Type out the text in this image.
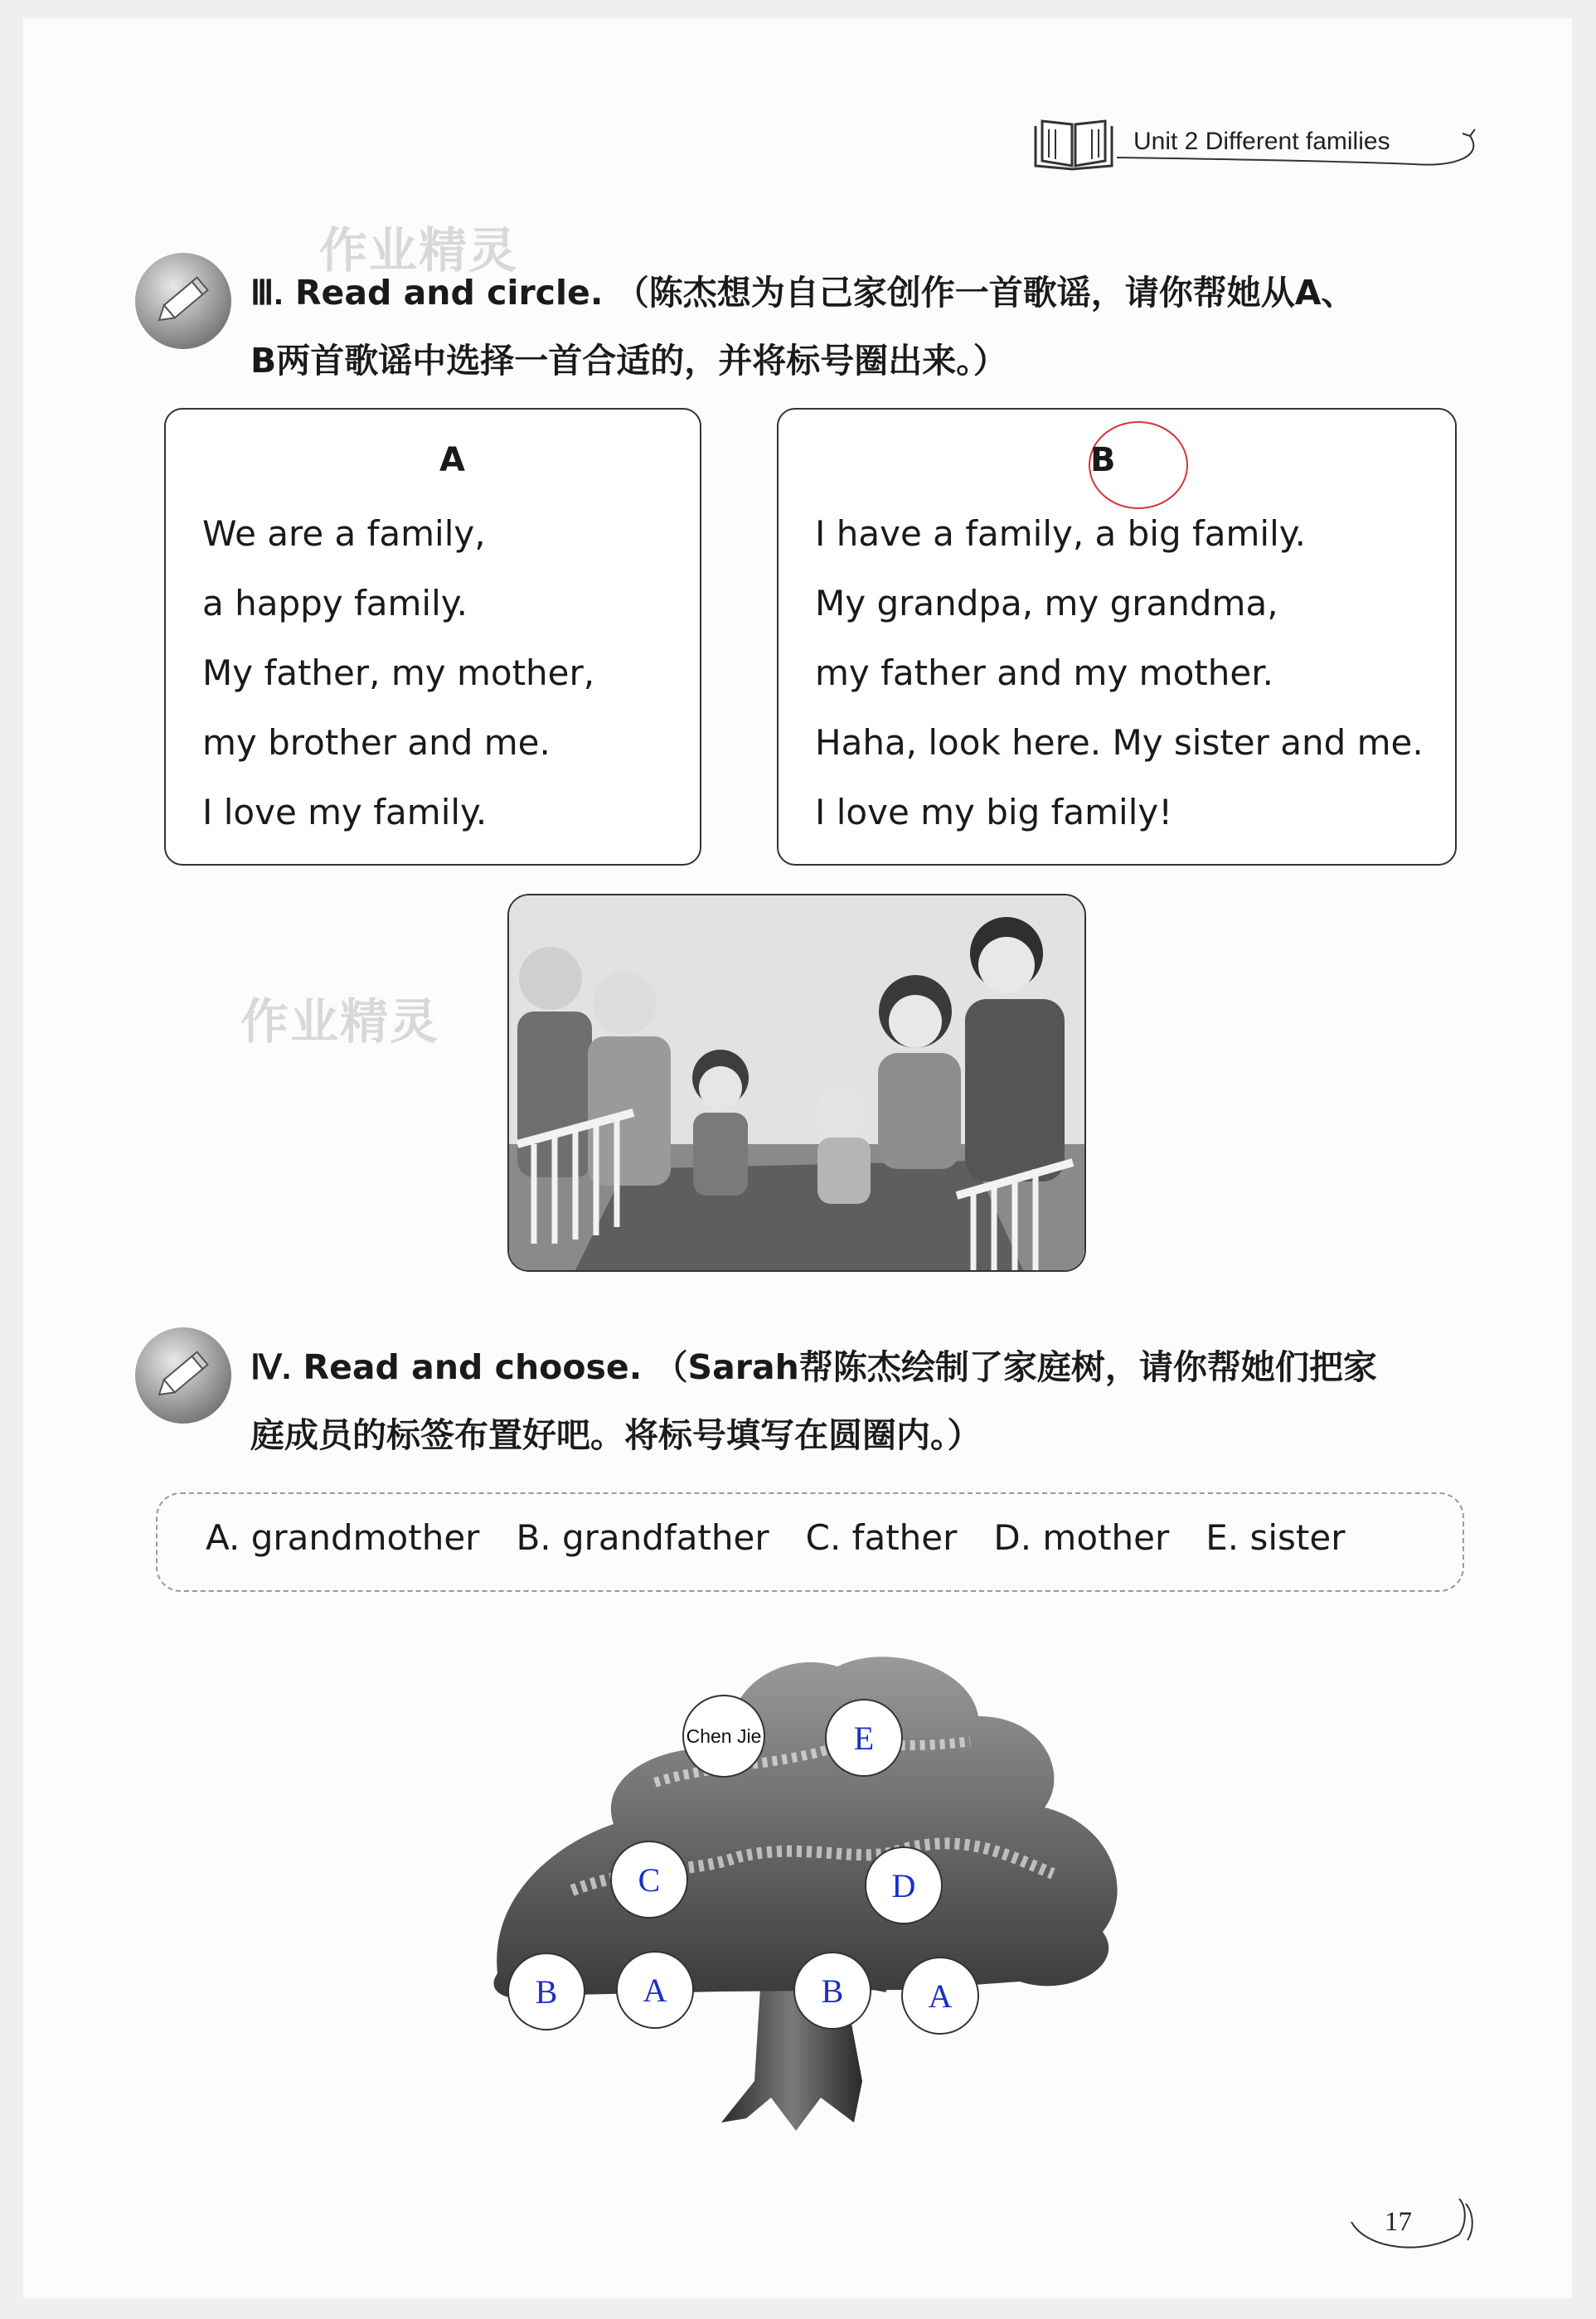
Unit 2 Different families
Ⅲ. Read and circle. （陈杰想为自己家创作一首歌谣，请你帮她从A、
B两首歌谣中选择一首合适的，并将标号圈出来。）
作业精灵
A
We are a family,
a happy family.
My father, my mother,
my brother and me.
I love my family.
B
I have a family, a big family.
My grandpa, my grandma,
my father and my mother.
Haha, look here. My sister and me.
I love my big family!
作业精灵
Ⅳ. Read and choose. （Sarah帮陈杰绘制了家庭树，请你帮她们把家
庭成员的标签布置好吧。将标号填写在圆圈内。）
A. grandmother B. grandfather C. father D. mother E. sister
Chen Jie	E
C	D
B	A	B	A
17
